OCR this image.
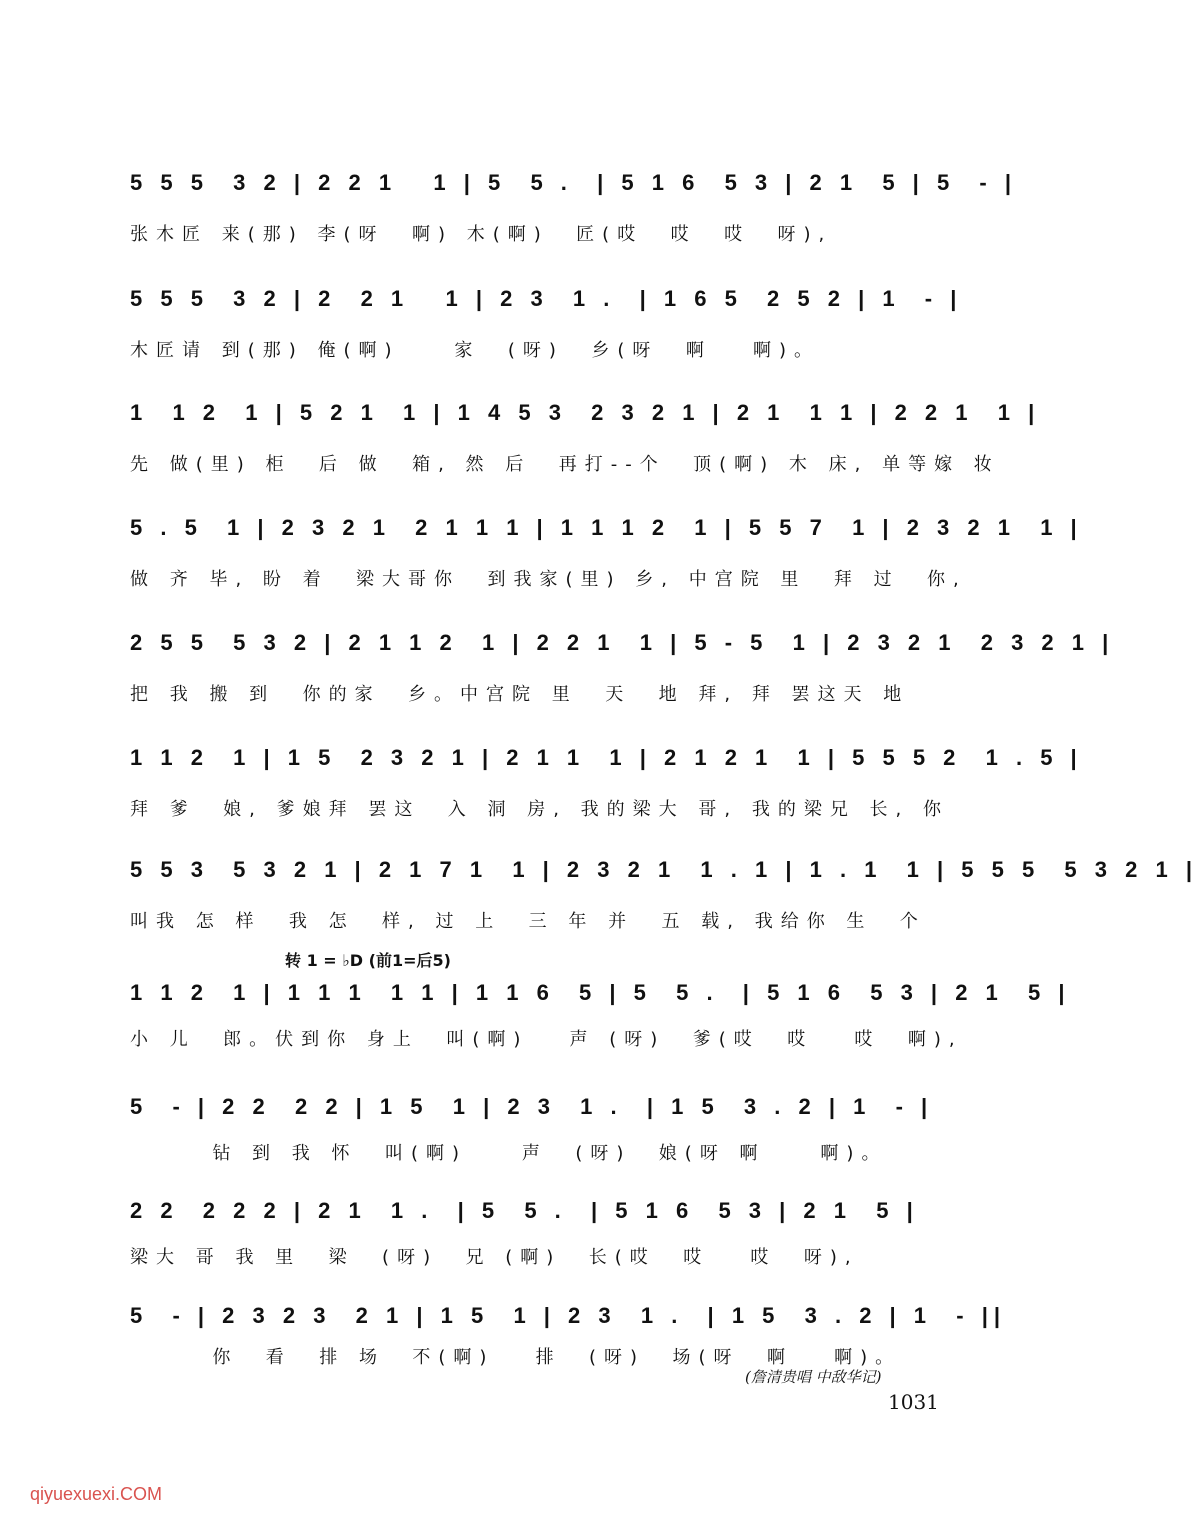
5 5 5  3 2 | 2 2 1   1 | 5  5 .  | 5 1 6  5 3 | 2 1  5 | 5  - |
张木匠 来(那) 李(呀  啊) 木(啊)  匠(哎  哎  哎  呀),
5 5 5  3 2 | 2  2 1   1 | 2 3  1 .  | 1 6 5  2 5 2 | 1  - |
木匠请 到(那) 俺(啊)    家  (呀)  乡(呀  啊   啊)。
1  1 2  1 | 5 2 1  1 | 1 4 5 3  2 3 2 1 | 2 1  1 1 | 2 2 1  1 |
先 做(里) 柜  后 做  箱, 然 后  再打--个  顶(啊) 木 床, 单等嫁 妆
5 . 5  1 | 2 3 2 1  2 1 1 1 | 1 1 1 2  1 | 5 5 7  1 | 2 3 2 1  1 |
做 齐 毕, 盼 着  梁大哥你  到我家(里) 乡, 中宫院 里  拜 过  你,
2 5 5  5 3 2 | 2 1 1 2  1 | 2 2 1  1 | 5 - 5  1 | 2 3 2 1  2 3 2 1 |
把 我 搬 到  你的家  乡。中宫院 里  天  地 拜, 拜 罢这天 地
1 1 2  1 | 1 5  2 3 2 1 | 2 1 1  1 | 2 1 2 1  1 | 5 5 5 2  1 . 5 |
拜 爹  娘, 爹娘拜 罢这  入 洞 房, 我的梁大 哥, 我的梁兄 长, 你
5 5 3  5 3 2 1 | 2 1 7 1  1 | 2 3 2 1  1 . 1 | 1 . 1  1 | 5 5 5  5 3 2 1 |
叫我 怎 样  我 怎  样, 过 上  三 年 并  五 载, 我给你 生  个
转 1 = ♭D (前1=后5)
1 1 2  1 | 1 1 1  1 1 | 1 1 6  5 | 5  5 .  | 5 1 6  5 3 | 2 1  5 |
小 儿  郎。伏到你 身上  叫(啊)   声 (呀)  爹(哎  哎   哎  啊),
5  - | 2 2  2 2 | 1 5  1 | 2 3  1 .  | 1 5  3 . 2 | 1  - |
钻 到 我 怀  叫(啊)    声  (呀)  娘(呀 啊    啊)。
2 2  2 2 2 | 2 1  1 .  | 5  5 .  | 5 1 6  5 3 | 2 1  5 |
梁大 哥 我 里  梁  (呀)  兄 (啊)  长(哎  哎   哎  呀),
5  - | 2 3 2 3  2 1 | 1 5  1 | 2 3  1 .  | 1 5  3 . 2 | 1  - ||
你  看  排 场  不(啊)   排  (呀)  场(呀  啊   啊)。
(詹清贵唱 中敌华记)
1031
qiyuexuexi.COM
